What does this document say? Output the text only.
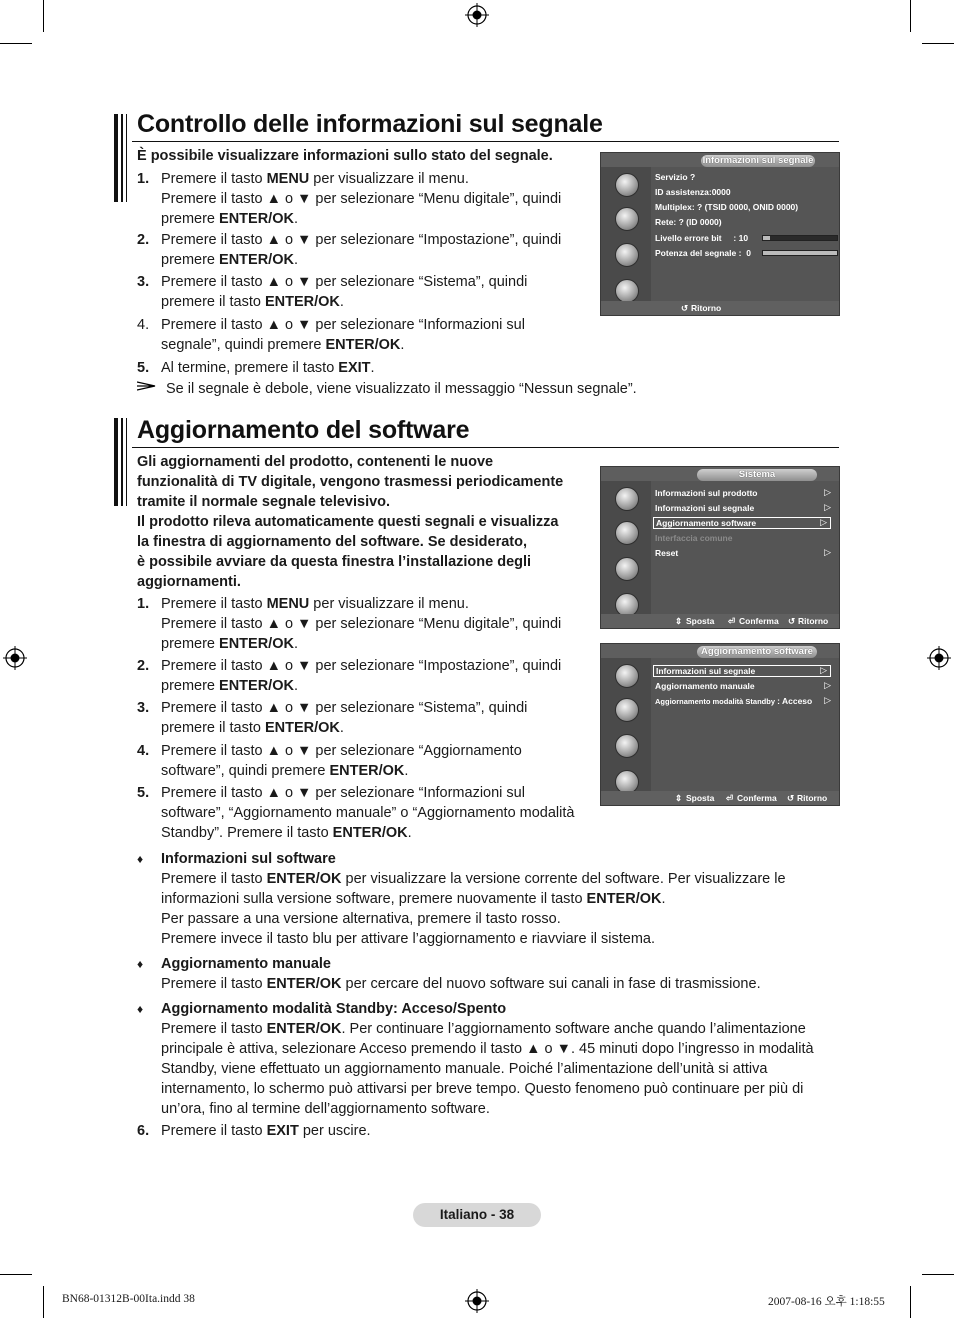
Controllo delle informazioni sul segnale
È possibile visualizzare informazioni sullo stato del segnale.
1. Premere il tasto MENU per visualizzare il menu.
Premere il tasto ▲ o ▼ per selezionare “Menu digitale”, quindi
premere ENTER/OK.
2. Premere il tasto ▲ o ▼ per selezionare “Impostazione”, quindi
premere ENTER/OK.
3. Premere il tasto ▲ o ▼ per selezionare “Sistema”, quindi
premere il tasto ENTER/OK.
4. Premere il tasto ▲ o ▼ per selezionare “Informazioni sul
segnale”, quindi premere ENTER/OK.
5. Al termine, premere il tasto EXIT.
Se il segnale è debole, viene visualizzato il messaggio “Nessun segnale”.
Informazioni sul segnale
Servizio ?
ID assistenza:0000
Multiplex: ? (TSID 0000, ONID 0000)
Rete: ? (ID 0000)
Livello errore bit : 10
Potenza del segnale : 0
↺ Ritorno
Aggiornamento del software
Gli aggiornamenti del prodotto, contenenti le nuove
funzionalità di TV digitale, vengono trasmessi periodicamente
tramite il normale segnale televisivo.
Il prodotto rileva automaticamente questi segnali e visualizza
la finestra di aggiornamento del software. Se desiderato,
è possibile avviare da questa finestra l’installazione degli
aggiornamenti.
1. Premere il tasto MENU per visualizzare il menu.
Premere il tasto ▲ o ▼ per selezionare “Menu digitale”, quindi
premere ENTER/OK.
2. Premere il tasto ▲ o ▼ per selezionare “Impostazione”, quindi
premere ENTER/OK.
3. Premere il tasto ▲ o ▼ per selezionare “Sistema”, quindi
premere il tasto ENTER/OK.
4. Premere il tasto ▲ o ▼ per selezionare “Aggiornamento
software”, quindi premere ENTER/OK.
5. Premere il tasto ▲ o ▼ per selezionare “Informazioni sul
software”, “Aggiornamento manuale” o “Aggiornamento modalità
Standby”. Premere il tasto ENTER/OK.
♦ Informazioni sul software
Premere il tasto ENTER/OK per visualizzare la versione corrente del software. Per visualizzare le
informazioni sulla versione software, premere nuovamente il tasto ENTER/OK.
Per passare a una versione alternativa, premere il tasto rosso.
Premere invece il tasto blu per attivare l’aggiornamento e riavviare il sistema.
♦ Aggiornamento manuale
Premere il tasto ENTER/OK per cercare del nuovo software sui canali in fase di trasmissione.
♦ Aggiornamento modalità Standby: Acceso/Spento
Premere il tasto ENTER/OK. Per continuare l’aggiornamento software anche quando l’alimentazione
principale è attiva, selezionare Acceso premendo il tasto ▲ o ▼. 45 minuti dopo l’ingresso in modalità
Standby, viene effettuato un aggiornamento manuale. Poiché l’alimentazione dell’unità si attiva
internamento, lo schermo può attivarsi per breve tempo. Questo fenomeno può continuare per più di
un’ora, fino al termine dell’aggiornamento software.
6. Premere il tasto EXIT per uscire.
Sistema
Informazioni sul prodotto	▷
Informazioni sul segnale	▷
Aggiornamento software	▷
Interfaccia comune
Reset	▷
⇕ Sposta ⏎ Conferma ↺ Ritorno
Aggiornamento software
Informazioni sul segnale	▷
Aggiornamento manuale	▷
Aggiornamento modalità Standby : Acceso ▷
⇕ Sposta ⏎ Conferma ↺ Ritorno
Italiano - 38
BN68-01312B-00Ita.indd 38	2007-08-16 오후 1:18:55
